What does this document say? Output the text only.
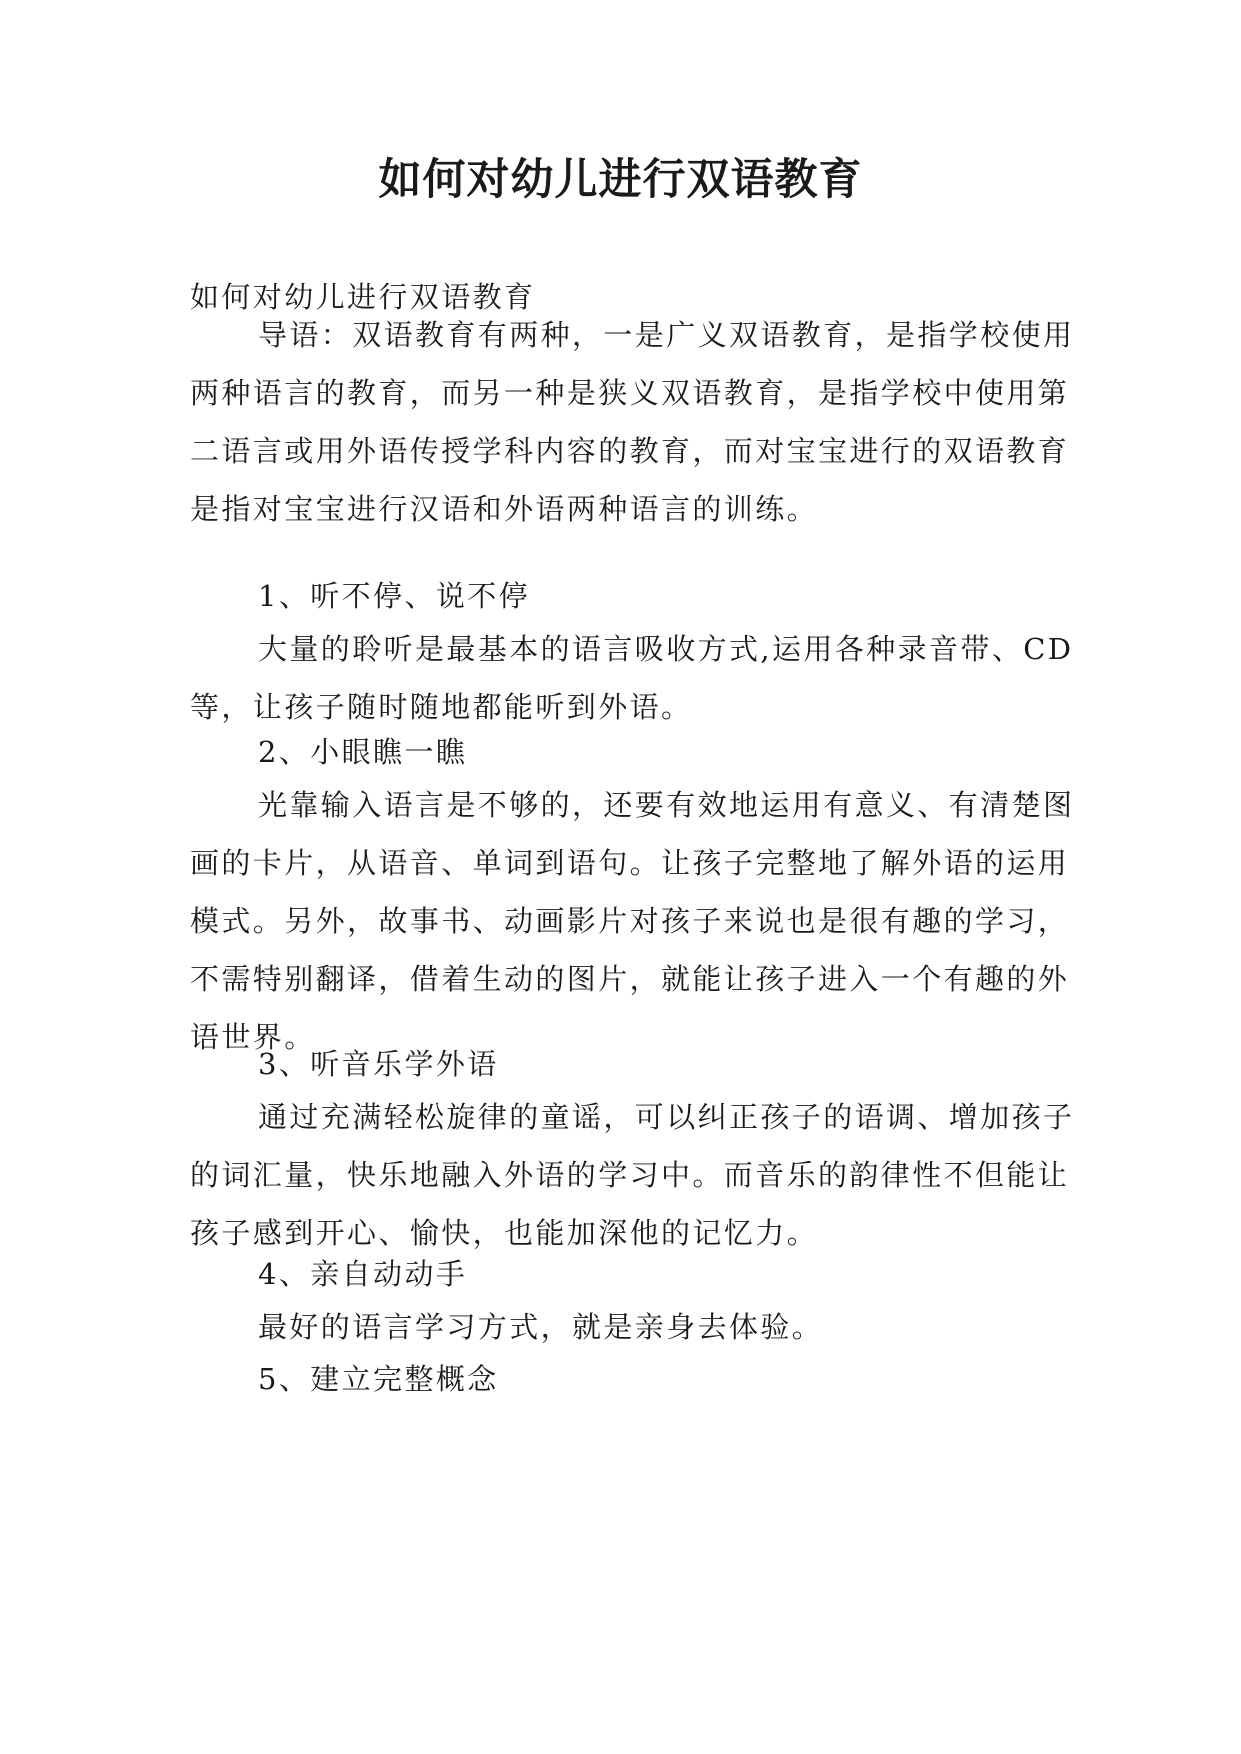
如何对幼儿进行双语教育

如何对幼儿进行双语教育

导语：双语教育有两种，一是广义双语教育，是指学校使用两种语言的教育，而另一种是狭义双语教育，是指学校中使用第二语言或用外语传授学科内容的教育，而对宝宝进行的双语教育是指对宝宝进行汉语和外语两种语言的训练。

1、听不停、说不停

大量的聆听是最基本的语言吸收方式,运用各种录音带、CD 等，让孩子随时随地都能听到外语。

2、小眼瞧一瞧

光靠输入语言是不够的，还要有效地运用有意义、有清楚图画的卡片，从语音、单词到语句。让孩子完整地了解外语的运用模式。另外，故事书、动画影片对孩子来说也是很有趣的学习，不需特别翻译，借着生动的图片，就能让孩子进入一个有趣的外语世界。

3、听音乐学外语

通过充满轻松旋律的童谣，可以纠正孩子的语调、增加孩子的词汇量，快乐地融入外语的学习中。而音乐的韵律性不但能让孩子感到开心、愉快，也能加深他的记忆力。

4、亲自动动手

最好的语言学习方式，就是亲身去体验。

5、建立完整概念
